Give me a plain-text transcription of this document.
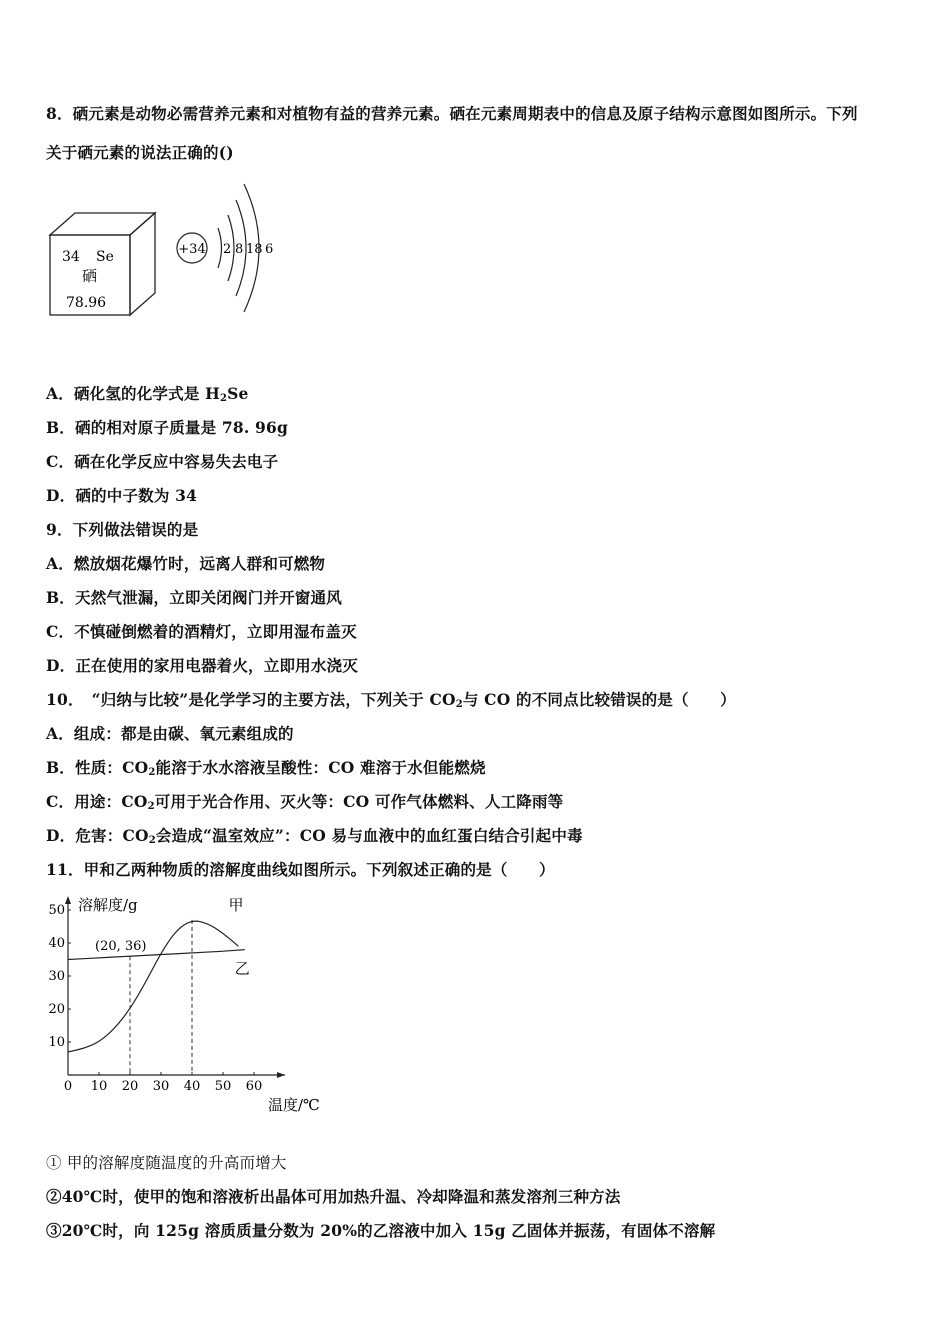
8．硒元素是动物必需营养元素和对植物有益的营养元素。硒在元素周期表中的信息及原子结构示意图如图所示。下列
关于硒元素的说法正确的()
34 Se
硒
78.96
+34 2 8 18 6
A．硒化氢的化学式是 $H_2Se$
B．硒的相对原子质量是 78. 96g
C．硒在化学反应中容易失去电子
D．硒的中子数为 34
9．下列做法错误的是
A．燃放烟花爆竹时，远离人群和可燃物
B．天然气泄漏，立即关闭阀门并开窗通风
C．不慎碰倒燃着的酒精灯，立即用湿布盖灭
D．正在使用的家用电器着火，立即用水浇灭
10．　“归纳与比较”是化学学习的主要方法，下列关于 $CO_2$与 CO 的不同点比较错误的是（　　）
A．组成：都是由碳、氧元素组成的
B．性质：$CO_2$能溶于水水溶液呈酸性：CO 难溶于水但能燃烧
C．用途：$CO_2$可用于光合作用、灭火等：CO 可作气体燃料、人工降雨等
D．危害：$CO_2$会造成“温室效应”：CO 易与血液中的血红蛋白结合引起中毒
11．甲和乙两种物质的溶解度曲线如图所示。下列叙述正确的是（　　）
0 10 20 30 40 50 60
10
20
30
40
50	甲
乙
溶解度/g
温度/℃
(20, 36)
① 甲的溶解度随温度的升高而增大
②40℃时，使甲的饱和溶液析出晶体可用加热升温、冷却降温和蒸发溶剂三种方法
③20℃时，向 125g 溶质质量分数为 20%的乙溶液中加入 15g 乙固体并振荡，有固体不溶解
